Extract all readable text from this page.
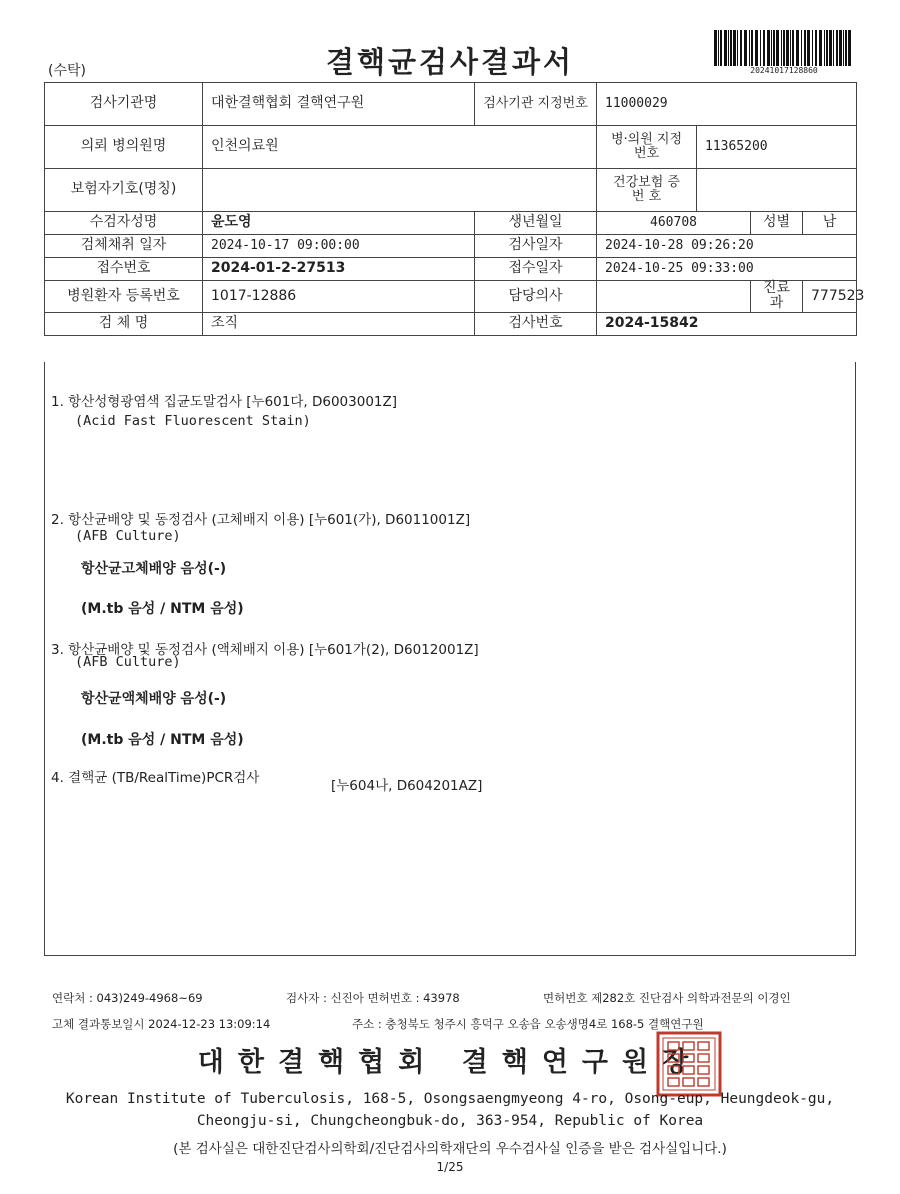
(수탁)	결핵균검사결과서	20241017128860
검사기관명	대한결핵협회 결핵연구원	검사기관 지정번호	11000029			
의뢰 병의원명	인천의료원		병·의원 지정번호	11365200		
보험자기호(명칭)			건강보험 증 번 호			
수검자성명	윤도영	생년월일	460708		성별	남
검체채취 일자	2024-10-17 09:00:00	검사일자	2024-10-28 09:26:20			
접수번호	2024-01-2-27513	접수일자	2024-10-25 09:33:00			
병원환자 등록번호	1017-12886	담당의사			진료과	777523
검 체 명	조직	검사번호	2024-15842			
1. 항산성형광염색 집균도말검사 [누601다, D6003001Z]
(Acid Fast Fluorescent Stain)
2. 항산균배양 및 동정검사 (고체배지 이용) [누601(가), D6011001Z]
(AFB Culture)
항산균고체배양 음성(-)
(M.tb 음성 / NTM 음성)
3. 항산균배양 및 동정검사 (액체배지 이용) [누601가(2), D6012001Z]
(AFB Culture)
항산균액체배양 음성(-)
(M.tb 음성 / NTM 음성)
4. 결핵균 (TB/RealTime)PCR검사	[누604나, D604201AZ]
연락처 : 043)249-4968~69	검사자 : 신진아 면허번호 : 43978	면허번호 제282호 진단검사 의학과전문의 이경인
고체 결과통보일시 2024-12-23 13:09:14	주소 : 충청북도 청주시 흥덕구 오송읍 오송생명4로 168-5 결핵연구원
대한결핵협회 결핵연구원장
Korean Institute of Tuberculosis, 168-5, Osongsaengmyeong 4-ro, Osong-eup, Heungdeok-gu,
Cheongju-si, Chungcheongbuk-do, 363-954, Republic of Korea
(본 검사실은 대한진단검사의학회/진단검사의학재단의 우수검사실 인증을 받은 검사실입니다.)
1/25
